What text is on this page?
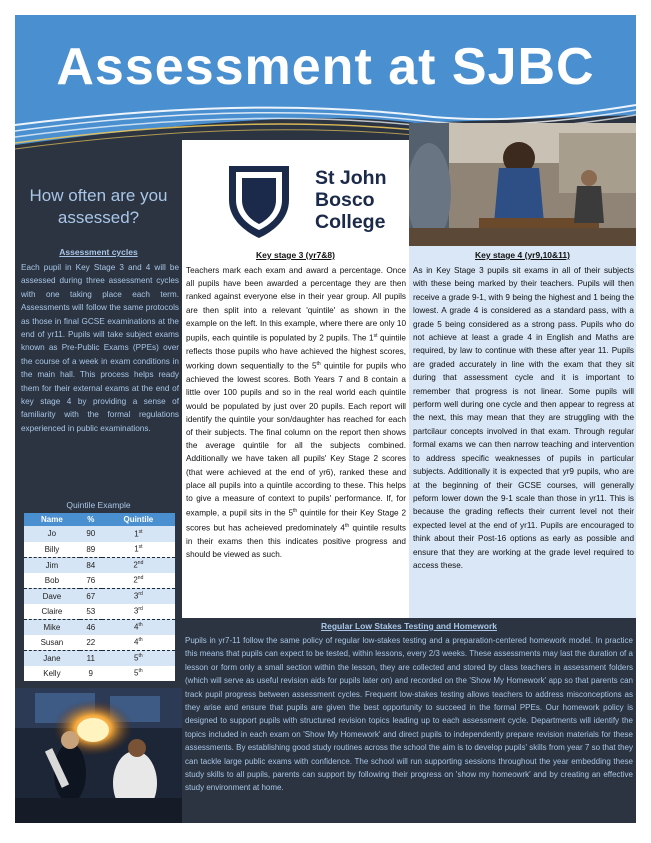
Assessment at SJBC
How often are you assessed?
Assessment cycles
Each pupil in Key Stage 3 and 4 will be assessed during three assessment cycles with one taking place each term. Assessments will follow the same protocols as those in final GCSE examinations at the end of yr11. Pupils will take subject exams known as Pre-Public Exams (PPEs) over the course of a week in exam conditions in the main hall. This process helps ready them for their external exams at the end of key stage 4 by providing a sense of familiarity with the formal regulations experienced in public examinations.
Quintile Example
Name	%	Quintile
Jo	90	1st
Billy	89	1st
Jim	84	2nd
Bob	76	2nd
Dave	67	3rd
Claire	53	3rd
Mike	46	4th
Susan	22	4th
Jane	11	5th
Kelly	9	5th
St John
Bosco
College
Key stage 3 (yr7&8)
Teachers mark each exam and award a percentage. Once all pupils have been awarded a percentage they are then ranked against everyone else in their year group. All pupils are then split into a relevant 'quintile' as shown in the example on the left. In this example, where there are only 10 pupils, each quintile is populated by 2 pupils. The 1st quintile reflects those pupils who have achieved the highest scores, working down sequentially to the 5th quintile for pupils who achieved the lowest scores. Both Years 7 and 8 contain a little over 100 pupils and so in the real world each quintile would be populated by just over 20 pupils. Each report will identify the quintile your son/daughter has reached for each of their subjects. The final column on the report then shows the average quintile for all the subjects combined. Additionally we have taken all pupils' Key Stage 2 scores (that were achieved at the end of yr6), ranked these and place all pupils into a quintile according to these. This helps to give a measure of context to pupils' performance. If, for example, a pupil sits in the 5th quintile for their Key Stage 2 scores but has acheieved predominately 4th quintile results in their exams then this indicates positive progress and should be viewed as such.
Key stage 4 (yr9,10&11)
As in Key Stage 3 pupils sit exams in all of their subjects with these being marked by their teachers. Pupils will then receive a grade 9-1, with 9 being the highest and 1 being the lowest. A grade 4 is considered as a standard pass, with a grade 5 being considered as a strong pass. Pupils who do not achieve at least a grade 4 in English and Maths are required, by law to continue with these after year 11. Pupils are graded accurately in line with the exam that they sit during that assessment cycle and it is important to remember that progress is not linear. Some pupils will perform well during one cycle and then appear to regress at the next, this may mean that they are struggling with the partcilaur concepts involved in that exam. Through regular formal exams we can then narrow teaching and intervention to address specific weaknesses of pupils in particular subjects. Additionally it is expected that yr9 pupils, who are at the beginning of their GCSE courses, will generally peform lower down the 9-1 scale than those in yr11. This is because the grading reflects their current level not their expected level at the end of yr11. Pupils are encouraged to think about their Post-16 options as early as possible and ensure that they are working at the grade level required to access these.
Regular Low Stakes Testing and Homework
Pupils in yr7-11 follow the same policy of regular low-stakes testing and a preparation-centered homework model. In practice this means that pupils can expect to be tested, within lessons, every 2/3 weeks. These assessments may last the duration of a lesson or form only a small section within the lesson, they are collected and stored by class teachers in assessment folders (which will serve as useful revision aids for pupils later on) and recorded on the 'Show My Homework' app so that parents can track pupil progress between assessment cycles. Frequent low-stakes testing allows teachers to address misconceptions as they arise and ensure that pupils are given the best opportunity to succeed in the formal PPEs. Our homework policy is designed to support pupils with structured revision topics leading up to each assessment cycle. Departments will identify the topics included in each exam on 'Show My Homework' and direct pupils to independently prepare revision materials for these assessments. By establishing good study routines across the school the aim is to develop pupils' skills from year 7 so that they can tackle large public exams with confidence. The school will run supporting sessions throughout the year embedding these study skills to all pupils, parents can support by following their progress on 'show my homeowrk' and by creating an effective study environment at home.
